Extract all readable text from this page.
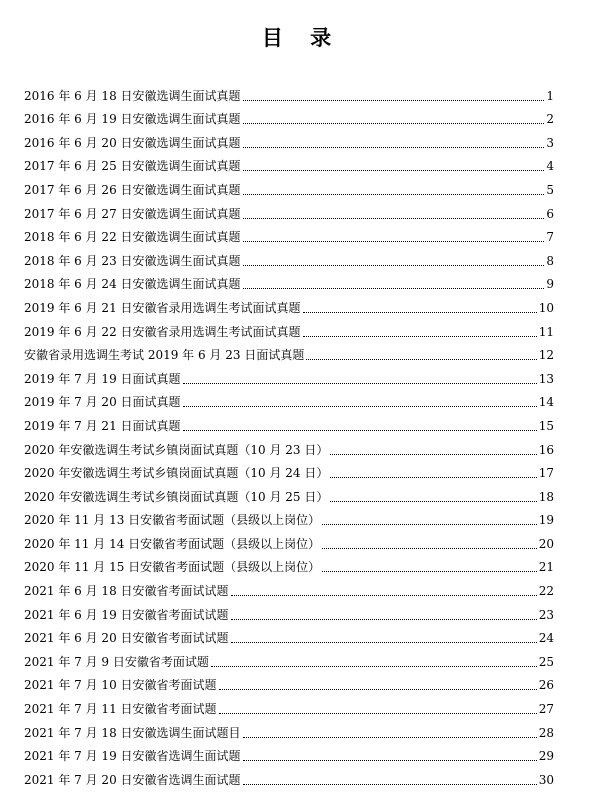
目 录
2016 年 6 月 18 日安徽选调生面试真题	1
2016 年 6 月 19 日安徽选调生面试真题	2
2016 年 6 月 20 日安徽选调生面试真题	3
2017 年 6 月 25 日安徽选调生面试真题	4
2017 年 6 月 26 日安徽选调生面试真题	5
2017 年 6 月 27 日安徽选调生面试真题	6
2018 年 6 月 22 日安徽选调生面试真题	7
2018 年 6 月 23 日安徽选调生面试真题	8
2018 年 6 月 24 日安徽选调生面试真题	9
2019 年 6 月 21 日安徽省录用选调生考试面试真题	10
2019 年 6 月 22 日安徽省录用选调生考试面试真题	11
安徽省录用选调生考试 2019 年 6 月 23 日面试真题	12
2019 年 7 月 19 日面试真题	13
2019 年 7 月 20 日面试真题	14
2019 年 7 月 21 日面试真题	15
2020 年安徽选调生考试乡镇岗面试真题（10 月 23 日）	16
2020 年安徽选调生考试乡镇岗面试真题（10 月 24 日）	17
2020 年安徽选调生考试乡镇岗面试真题（10 月 25 日）	18
2020 年 11 月 13 日安徽省考面试题（县级以上岗位）	19
2020 年 11 月 14 日安徽省考面试题（县级以上岗位）	20
2020 年 11 月 15 日安徽省考面试题（县级以上岗位）	21
2021 年 6 月 18 日安徽省考面试试题	22
2021 年 6 月 19 日安徽省考面试试题	23
2021 年 6 月 20 日安徽省考面试试题	24
2021 年 7 月 9 日安徽省考面试题	25
2021 年 7 月 10 日安徽省考面试题	26
2021 年 7 月 11 日安徽省考面试题	27
2021 年 7 月 18 日安徽选调生面试题目	28
2021 年 7 月 19 日安徽省选调生面试题	29
2021 年 7 月 20 日安徽省选调生面试题	30
